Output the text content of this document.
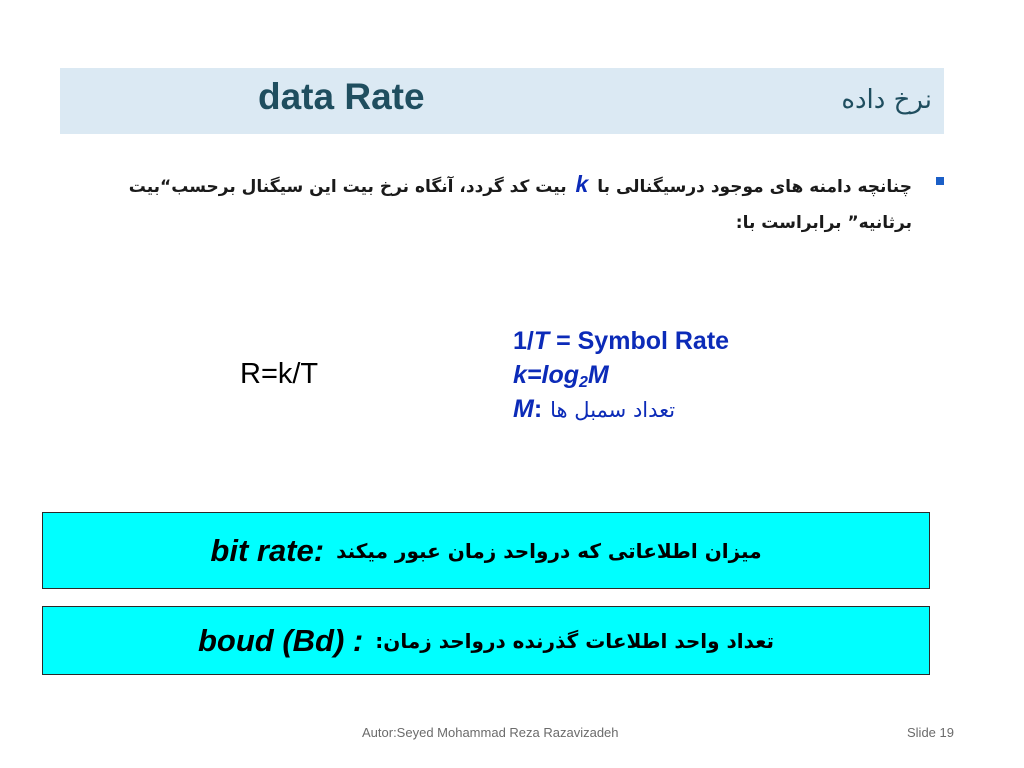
data Rate	نرخ داده
چنانچه دامنه های موجود درسیگنالی با k بیت کد گردد، آنگاه نرخ بیت این سیگنال برحسب“بیت برثانیه” برابراست با:
R=k/T
1/T = Symbol Rate
$k=\log_2M$
M: تعداد سمبل ها
میزان اطلاعاتی که درواحد زمان عبور میکند
bit rate:
تعداد واحد اطلاعات گذرنده درواحد زمان:
boud (Bd) :
Autor:Seyed Mohammad Reza Razavizadeh	Slide 19
